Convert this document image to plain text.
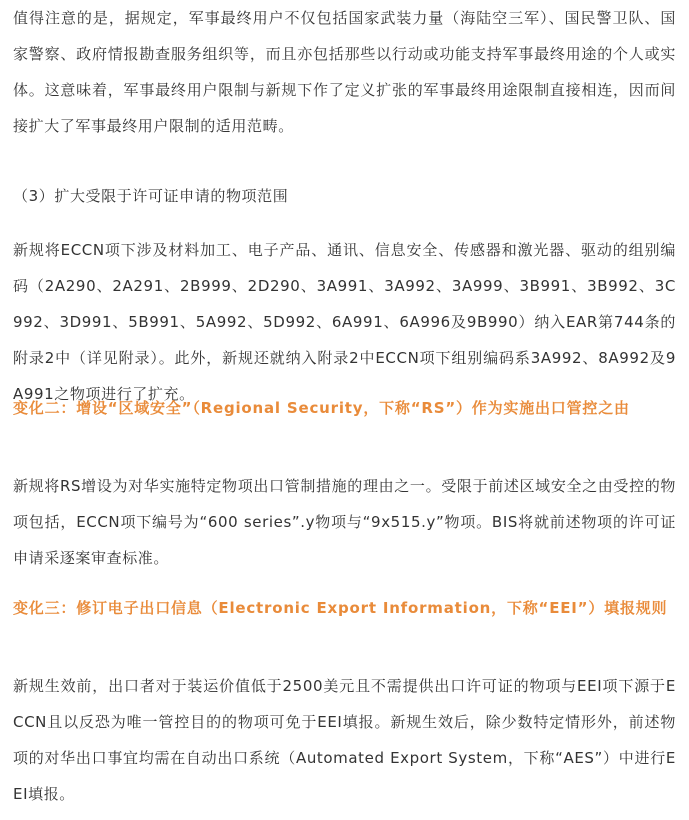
值得注意的是，据规定，军事最终用户不仅包括国家武装力量（海陆空三军）、国民警卫队、国家警察、政府情报勘查服务组织等，而且亦包括那些以行动或功能支持军事最终用途的个人或实体。这意味着，军事最终用户限制与新规下作了定义扩张的军事最终用途限制直接相连，因而间接扩大了军事最终用户限制的适用范畴。

（3）扩大受限于许可证申请的物项范围

新规将ECCN项下涉及材料加工、电子产品、通讯、信息安全、传感器和激光器、驱动的组别编码（2A290、2A291、2B999、2D290、3A991、3A992、3A999、3B991、3B992、3C992、3D991、5B991、5A992、5D992、6A991、6A996及9B990）纳入EAR第744条的附录2中（详见附录）。此外，新规还就纳入附录2中ECCN项下组别编码系3A992、8A992及9A991之物项进行了扩充。

变化二：增设“区域安全”（Regional Security，下称“RS”）作为实施出口管控之由

新规将RS增设为对华实施特定物项出口管制措施的理由之一。受限于前述区域安全之由受控的物项包括，ECCN项下编号为“600 series”.y物项与“9x515.y”物项。BIS将就前述物项的许可证申请采逐案审查标准。

变化三：修订电子出口信息（Electronic Export Information，下称“EEI”）填报规则

新规生效前，出口者对于装运价值低于2500美元且不需提供出口许可证的物项与EEI项下源于ECCN且以反恐为唯一管控目的的物项可免于EEI填报。新规生效后，除少数特定情形外，前述物项的对华出口事宜均需在自动出口系统（Automated Export System，下称“AES”）中进行EEI填报。
